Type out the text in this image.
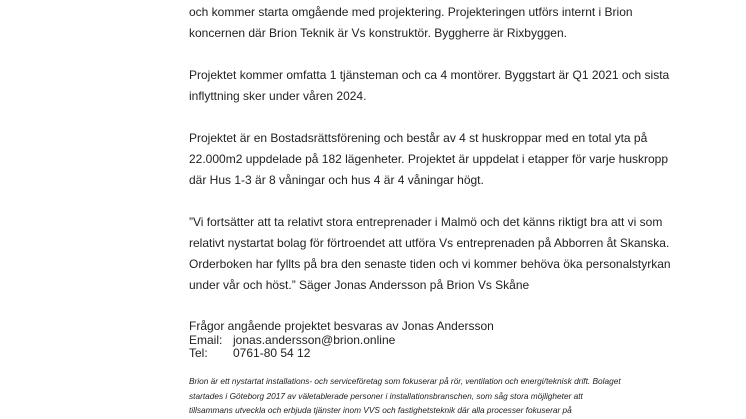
och kommer starta omgående med projektering. Projekteringen utförs internt i Brion
koncernen där Brion Teknik är Vs konstruktör. Byggherre är Rixbyggen.

Projektet kommer omfatta 1 tjänsteman och ca 4 montörer. Byggstart är Q1 2021 och sista
inflyttning sker under våren 2024.

Projektet är en Bostadsrättsförening och består av 4 st huskroppar med en total yta på
22.000m2 uppdelade på 182 lägenheter. Projektet är uppdelat i etapper för varje huskropp
där Hus 1-3 är 8 våningar och hus 4 är 4 våningar högt.

”Vi fortsätter att ta relativt stora entreprenader i Malmö och det känns riktigt bra att vi som
relativt nystartat bolag för förtroendet att utföra Vs entreprenaden på Abborren åt Skanska.
Orderboken har fyllts på bra den senaste tiden och vi kommer behöva öka personalstyrkan
under vår och höst.” Säger Jonas Andersson på Brion Vs Skåne

Frågor angående projektet besvaras av Jonas Andersson
Email: jonas.andersson@brion.online
Tel: 0761-80 54 12
Brion är ett nystartat installations- och serviceföretag som fokuserar på rör, ventilation och energi/teknisk drift. Bolaget
startades i Göteborg 2017 av väletablerade personer i installationsbranschen, som såg stora möjligheter att
tillsammans utveckla och erbjuda tjänster inom VVS och fastighetsteknik där alla processer fokuserar på
